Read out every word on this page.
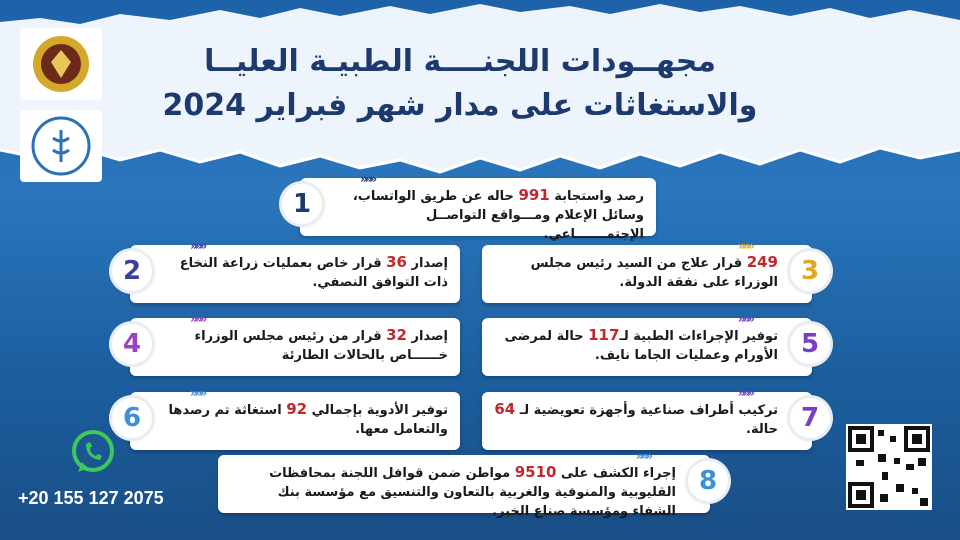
مجهــودات اللجنــــة الطبيـة العليــا
والاستغاثات على مدار شهر فبراير 2024
»»»
رصد واستجابة 991 حاله عن طريق الواتساب، وسائل الإعلام ومـــواقع التواصــل الإجتمـــــــاعي.
1
»»»
إصدار 36 قرار خاص بعمليات زراعة النخاع ذات التوافق النصفي.
2
»»»
249 قرار علاج من السيد رئيس مجلس الوزراء على نفقة الدولة. 3
»»»
إصدار 32 قرار من رئيس مجلس الوزراء خــــــاص بالحالات الطارئة
4
»»»
توفير الإجراءات الطبية لـ117 حالة لمرضى الأورام وعمليات الجاما نايف. 5
»»»
توفير الأدوية بإجمالي 92 استغاثة تم رصدها والتعامل معها.
6
»»»
تركيب أطراف صناعية وأجهزة تعويضية لـ 64 حالة. 7
»»»
إجراء الكشف على 9510 مواطن ضمن قوافل اللجنة بمحافظات القليوبية والمنوفية والغربية بالتعاون والتنسيق مع مؤسسة بنك الشفاء ومؤسسة صناع الخير.
8
+20 155 127 2075
